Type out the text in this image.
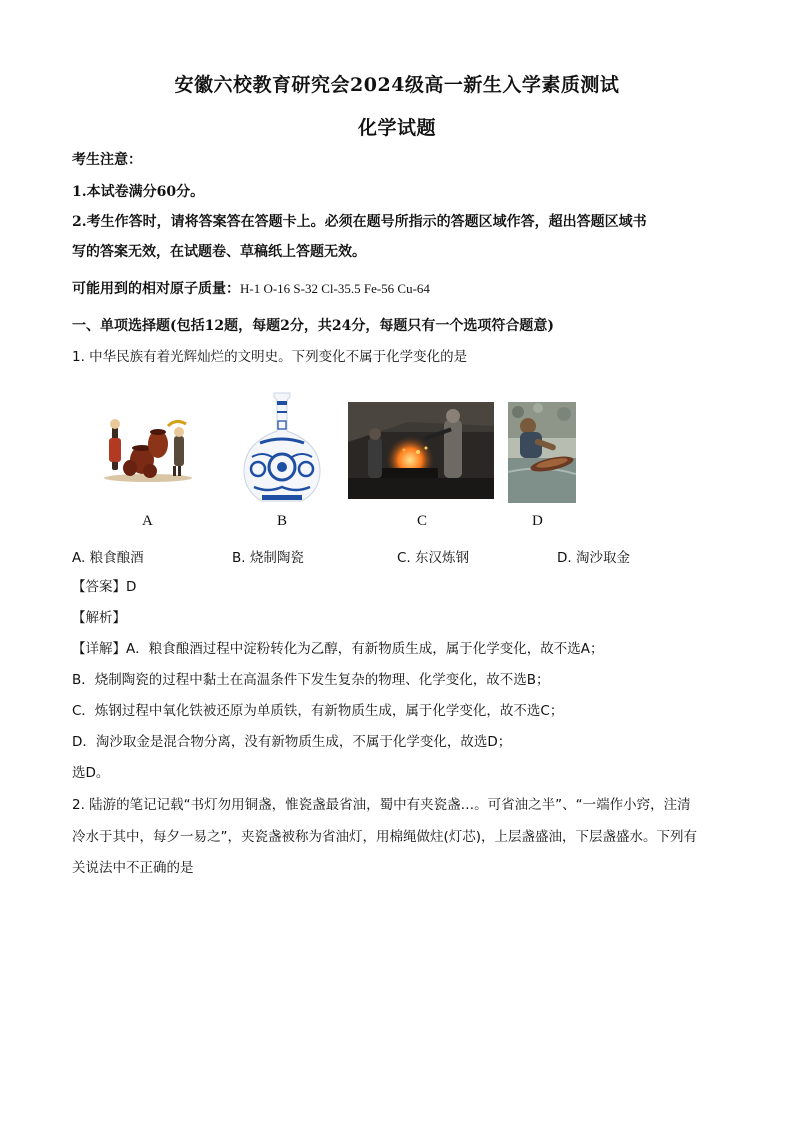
安徽六校教育研究会2024级高一新生入学素质测试
化学试题
考生注意：
1.本试卷满分60分。
2.考生作答时，请将答案答在答题卡上。必须在题号所指示的答题区域作答，超出答题区域书
写的答案无效，在试题卷、草稿纸上答题无效。
可能用到的相对原子质量：H-1 O-16 S-32 Cl-35.5 Fe-56 Cu-64
一、单项选择题(包括12题，每题2分，共24分，每题只有一个选项符合题意)
1. 中华民族有着光辉灿烂的文明史。下列变化不属于化学变化的是
A	B	C	D
A. 粮食酿酒	B. 烧制陶瓷	C. 东汉炼钢	D. 淘沙取金
【答案】D
【解析】
【详解】A．粮食酿酒过程中淀粉转化为乙醇，有新物质生成，属于化学变化，故不选A；
B．烧制陶瓷的过程中黏土在高温条件下发生复杂的物理、化学变化，故不选B；
C．炼钢过程中氧化铁被还原为单质铁，有新物质生成，属于化学变化，故不选C；
D．淘沙取金是混合物分离，没有新物质生成，不属于化学变化，故选D；
选D。
2. 陆游的笔记记载“书灯勿用铜盏，惟瓷盏最省油，蜀中有夹瓷盏…。可省油之半”、“一端作小窍，注清
冷水于其中，每夕一易之”，夹瓷盏被称为省油灯，用棉绳做炷(灯芯)，上层盏盛油，下层盏盛水。下列有
关说法中不正确的是
